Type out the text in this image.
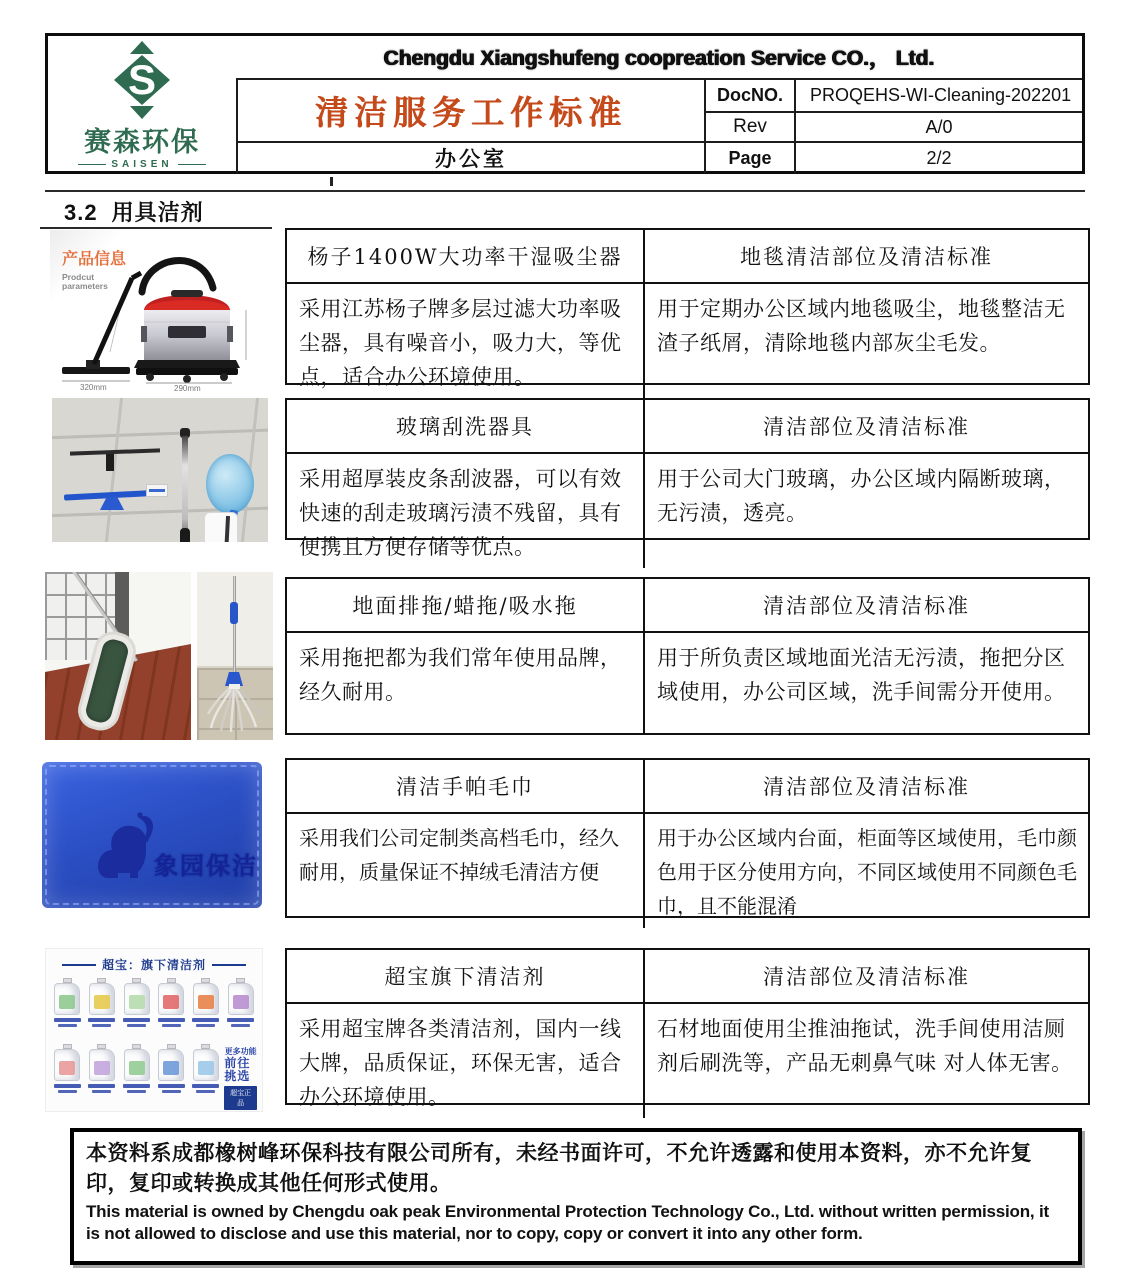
S
赛森环保
SAISEN
Chengdu Xiangshufeng coopreation Service CO.， Ltd.
清洁服务工作标准	DocNO.	PROQEHS-WI-Cleaning-202201
Rev	A/0
办公室	Page	2/2
3.2 用具洁剂
产品信息
Prodcut
parameters
320mm	290mm
杨子1400W大功率干湿吸尘器	地毯清洁部位及清洁标准
采用江苏杨子牌多层过滤大功率吸尘器，具有噪音小，吸力大，等优点，适合办公环境使用。
用于定期办公区域内地毯吸尘，地毯整洁无渣子纸屑，清除地毯内部灰尘毛发。
玻璃刮洗器具	清洁部位及清洁标准
采用超厚装皮条刮波器，可以有效快速的刮走玻璃污渍不残留，具有便携且方便存储等优点。
用于公司大门玻璃，办公区域内隔断玻璃，无污渍，透亮。
地面排拖/蜡拖/吸水拖	清洁部位及清洁标准
采用拖把都为我们常年使用品牌，经久耐用。
用于所负责区域地面光洁无污渍，拖把分区域使用，办公司区域，洗手间需分开使用。
象园保洁
清洁手帕毛巾	清洁部位及清洁标准
采用我们公司定制类高档毛巾，经久耐用，质量保证不掉绒毛清洁方便
用于办公区域内台面，柜面等区域使用，毛巾颜色用于区分使用方向，不同区域使用不同颜色毛巾，且不能混淆
超宝：旗下清洁剂
更多功能
前往挑选
超宝正品
超宝旗下清洁剂	清洁部位及清洁标准
采用超宝牌各类清洁剂，国内一线大牌，品质保证，环保无害，适合办公环境使用。
石材地面使用尘推油拖试，洗手间使用洁厕剂后刷洗等，产品无刺鼻气味 对人体无害。
本资料系成都橡树峰环保科技有限公司所有，未经书面许可，不允许透露和使用本资料，亦不允许复印，复印或转换成其他任何形式使用。
This material is owned by Chengdu oak peak Environmental Protection Technology Co., Ltd. without written permission, it is not allowed to disclose and use this material, nor to copy, copy or convert it into any other form.
